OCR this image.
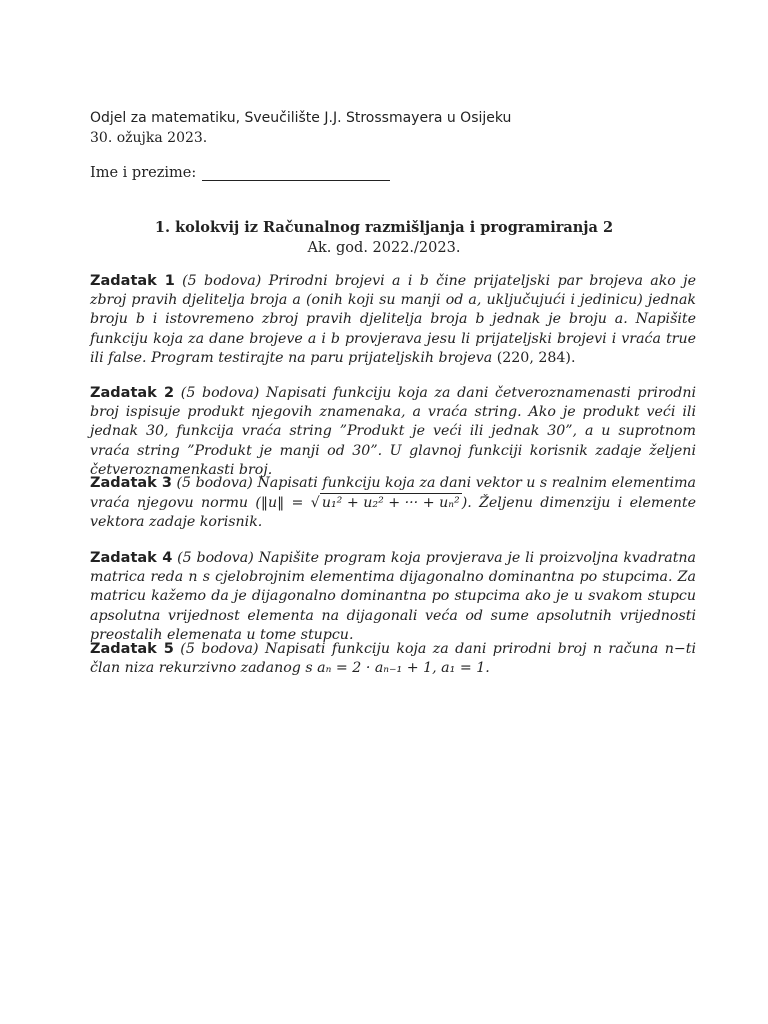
Odjel za matematiku, Sveučilište J.J. Strossmayera u Osijeku
30. ožujka 2023.
Ime i prezime:
1. kolokvij iz Računalnog razmišljanja i programiranja 2
Ak. god. 2022./2023.
Zadatak 1 (5 bodova) Prirodni brojevi a i b čine prijateljski par brojeva ako je zbroj pravih djelitelja broja a (onih koji su manji od a, uključujući i jedinicu) jednak broju b i istovremeno zbroj pravih djelitelja broja b jednak je broju a. Napišite funkciju koja za dane brojeve a i b provjerava jesu li prijateljski brojevi i vraća true ili false. Program testirajte na paru prijateljskih brojeva (220, 284).
Zadatak 2 (5 bodova) Napisati funkciju koja za dani četveroznamenasti prirodni broj ispisuje produkt njegovih znamenaka, a vraća string. Ako je produkt veći ili jednak 30, funkcija vraća string ”Produkt je veći ili jednak 30”, a u suprotnom vraća string ”Produkt je manji od 30”. U glavnoj funkciji korisnik zadaje željeni četveroznamenkasti broj.
Zadatak 3 (5 bodova) Napisati funkciju koja za dani vektor u s realnim elementima vraća njegovu normu (‖u‖ = √ u₁² + u₂² + ··· + uₙ² ). Željenu dimenziju i elemente vektora zadaje korisnik.
Zadatak 4 (5 bodova) Napišite program koja provjerava je li proizvoljna kvadratna matrica reda n s cjelobrojnim elementima dijagonalno dominantna po stupcima. Za matricu kažemo da je dijagonalno dominantna po stupcima ako je u svakom stupcu apsolutna vrijednost elementa na dijagonali veća od sume apsolutnih vrijednosti preostalih elemenata u tome stupcu.
Zadatak 5 (5 bodova) Napisati funkciju koja za dani prirodni broj n računa n−ti član niza rekurzivno zadanog s aₙ = 2 · aₙ₋₁ + 1, a₁ = 1.
